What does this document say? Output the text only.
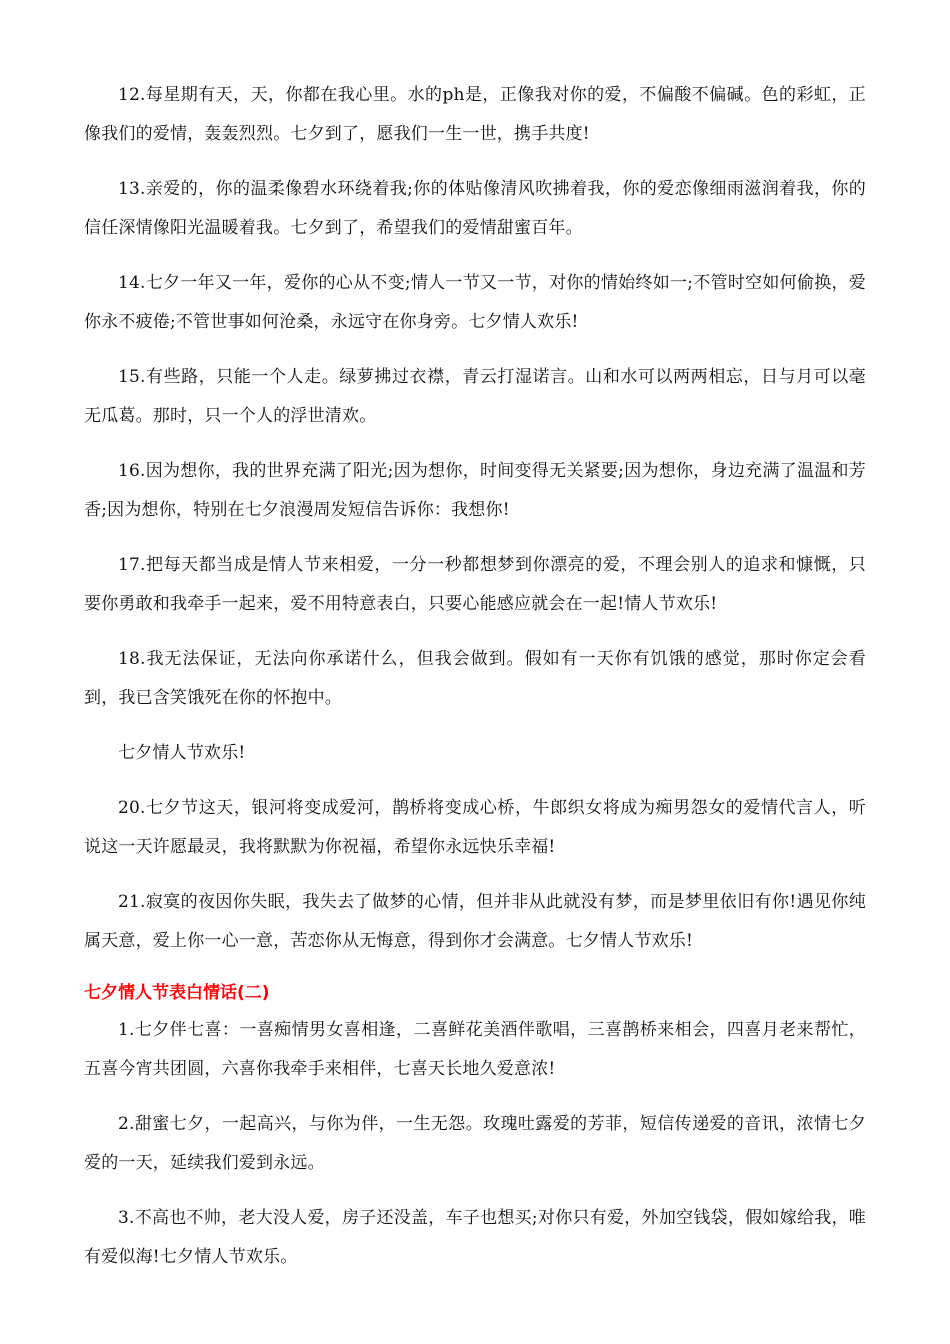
12.每星期有天，天，你都在我心里。水的ph是，正像我对你的爱，不偏酸不偏碱。色的彩虹，正像我们的爱情，轰轰烈烈。七夕到了，愿我们一生一世，携手共度!

13.亲爱的，你的温柔像碧水环绕着我;你的体贴像清风吹拂着我，你的爱恋像细雨滋润着我，你的信任深情像阳光温暖着我。七夕到了，希望我们的爱情甜蜜百年。

14.七夕一年又一年，爱你的心从不变;情人一节又一节，对你的情始终如一;不管时空如何偷换，爱你永不疲倦;不管世事如何沧桑，永远守在你身旁。七夕情人欢乐!

15.有些路，只能一个人走。绿萝拂过衣襟，青云打湿诺言。山和水可以两两相忘，日与月可以毫无瓜葛。那时，只一个人的浮世清欢。

16.因为想你，我的世界充满了阳光;因为想你，时间变得无关紧要;因为想你，身边充满了温温和芳香;因为想你，特别在七夕浪漫周发短信告诉你：我想你!

17.把每天都当成是情人节来相爱，一分一秒都想梦到你漂亮的爱，不理会别人的追求和慷慨，只要你勇敢和我牵手一起来，爱不用特意表白，只要心能感应就会在一起!情人节欢乐!

18.我无法保证，无法向你承诺什么，但我会做到。假如有一天你有饥饿的感觉，那时你定会看到，我已含笑饿死在你的怀抱中。

七夕情人节欢乐!

20.七夕节这天，银河将变成爱河，鹊桥将变成心桥，牛郎织女将成为痴男怨女的爱情代言人，听说这一天许愿最灵，我将默默为你祝福，希望你永远快乐幸福!

21.寂寞的夜因你失眠，我失去了做梦的心情，但并非从此就没有梦，而是梦里依旧有你!遇见你纯属天意，爱上你一心一意，苦恋你从无悔意，得到你才会满意。七夕情人节欢乐!

七夕情人节表白情话(二)

1.七夕伴七喜：一喜痴情男女喜相逢，二喜鲜花美酒伴歌唱，三喜鹊桥来相会，四喜月老来帮忙，五喜今宵共团圆，六喜你我牵手来相伴，七喜天长地久爱意浓!

2.甜蜜七夕，一起高兴，与你为伴，一生无怨。玫瑰吐露爱的芳菲，短信传递爱的音讯，浓情七夕爱的一天，延续我们爱到永远。

3.不高也不帅，老大没人爱，房子还没盖，车子也想买;对你只有爱，外加空钱袋，假如嫁给我，唯有爱似海!七夕情人节欢乐。
